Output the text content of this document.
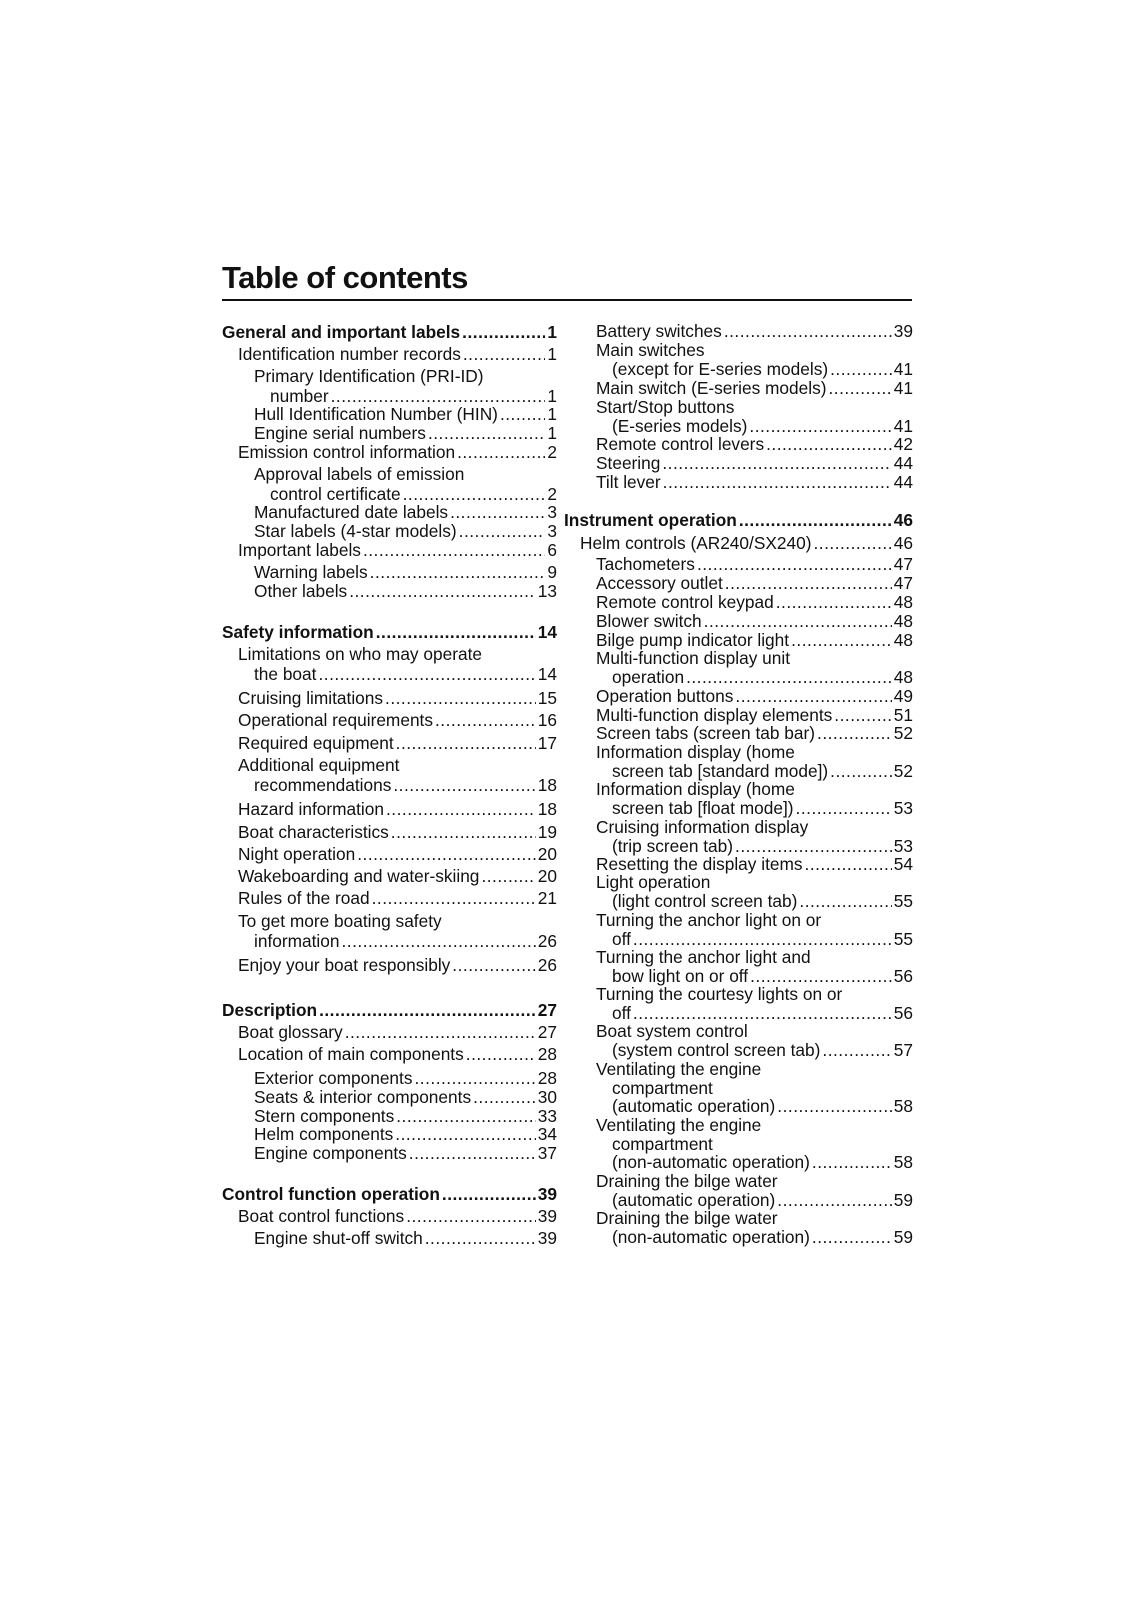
Table of contents
General and important labels .....	1
Identification number records .....	1
Primary Identification (PRI-ID)
number .....	1
Hull Identification Number (HIN) .....	1
Engine serial numbers .....	1
Emission control information .....	2
Approval labels of emission
control certificate .....	2
Manufactured date labels .....	3
Star labels (4-star models) .....	3
Important labels .....	6
Warning labels .....	9
Other labels .....	13
Safety information .....	14
Limitations on who may operate
the boat .....	14
Cruising limitations .....	15
Operational requirements .....	16
Required equipment .....	17
Additional equipment
recommendations .....	18
Hazard information .....	18
Boat characteristics .....	19
Night operation .....	20
Wakeboarding and water-skiing .....	20
Rules of the road .....	21
To get more boating safety
information .....	26
Enjoy your boat responsibly .....	26
Description .....	27
Boat glossary .....	27
Location of main components .....	28
Exterior components .....	28
Seats & interior components .....	30
Stern components .....	33
Helm components .....	34
Engine components .....	37
Control function operation .....	39
Boat control functions .....	39
Engine shut-off switch .....	39
Battery switches .....	39
Main switches
(except for E-series models) .....	41
Main switch (E-series models) .....	41
Start/Stop buttons
(E-series models) .....	41
Remote control levers .....	42
Steering .....	44
Tilt lever .....	44
Instrument operation .....	46
Helm controls (AR240/SX240) .....	46
Tachometers .....	47
Accessory outlet .....	47
Remote control keypad .....	48
Blower switch .....	48
Bilge pump indicator light .....	48
Multi-function display unit
operation .....	48
Operation buttons .....	49
Multi-function display elements .....	51
Screen tabs (screen tab bar) .....	52
Information display (home
screen tab [standard mode]) .....	52
Information display (home
screen tab [float mode]) .....	53
Cruising information display
(trip screen tab) .....	53
Resetting the display items .....	54
Light operation
(light control screen tab) .....	55
Turning the anchor light on or
off .....	55
Turning the anchor light and
bow light on or off .....	56
Turning the courtesy lights on or
off .....	56
Boat system control
(system control screen tab) .....	57
Ventilating the engine
compartment
(automatic operation) .....	58
Ventilating the engine
compartment
(non-automatic operation) .....	58
Draining the bilge water
(automatic operation) .....	59
Draining the bilge water
(non-automatic operation) .....	59
